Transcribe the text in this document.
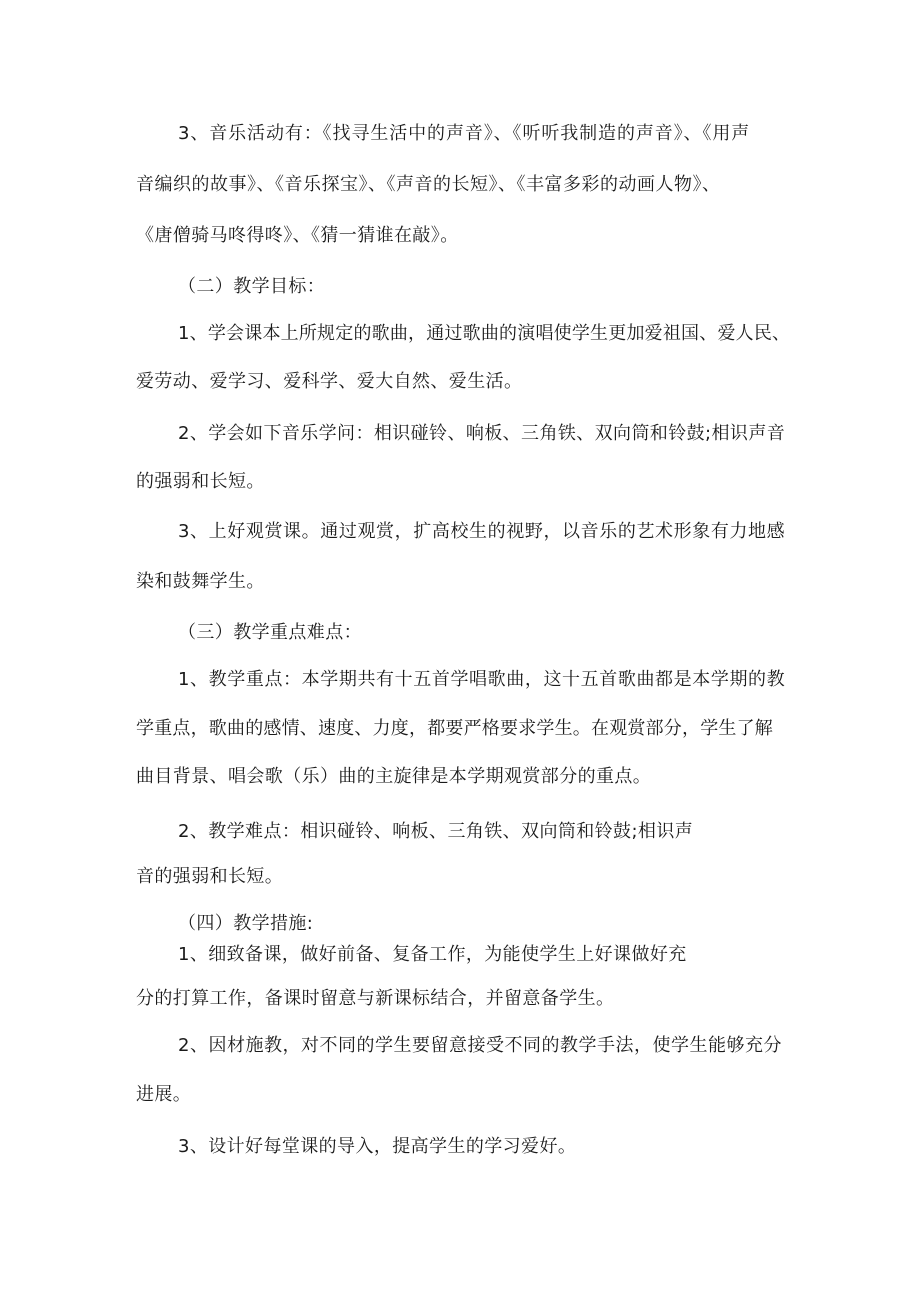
3、音乐活动有：《找寻生活中的声音》、《听听我制造的声音》、《用声
音编织的故事》、《音乐探宝》、《声音的长短》、《丰富多彩的动画人物》、
《唐僧骑马咚得咚》、《猜一猜谁在敲》。
（二）教学目标：
1、学会课本上所规定的歌曲，通过歌曲的演唱使学生更加爱祖国、爱人民、
爱劳动、爱学习、爱科学、爱大自然、爱生活。
2、学会如下音乐学问：相识碰铃、响板、三角铁、双向筒和铃鼓;相识声音
的强弱和长短。
3、上好观赏课。通过观赏，扩高校生的视野，以音乐的艺术形象有力地感
染和鼓舞学生。
（三）教学重点难点：
1、教学重点：本学期共有十五首学唱歌曲，这十五首歌曲都是本学期的教
学重点，歌曲的感情、速度、力度，都要严格要求学生。在观赏部分，学生了解
曲目背景、唱会歌（乐）曲的主旋律是本学期观赏部分的重点。
2、教学难点：相识碰铃、响板、三角铁、双向筒和铃鼓;相识声
音的强弱和长短。
（四）教学措施:
1、细致备课，做好前备、复备工作，为能使学生上好课做好充
分的打算工作，备课时留意与新课标结合，并留意备学生。
2、因材施教，对不同的学生要留意接受不同的教学手法，使学生能够充分
进展。
3、设计好每堂课的导入，提高学生的学习爱好。
